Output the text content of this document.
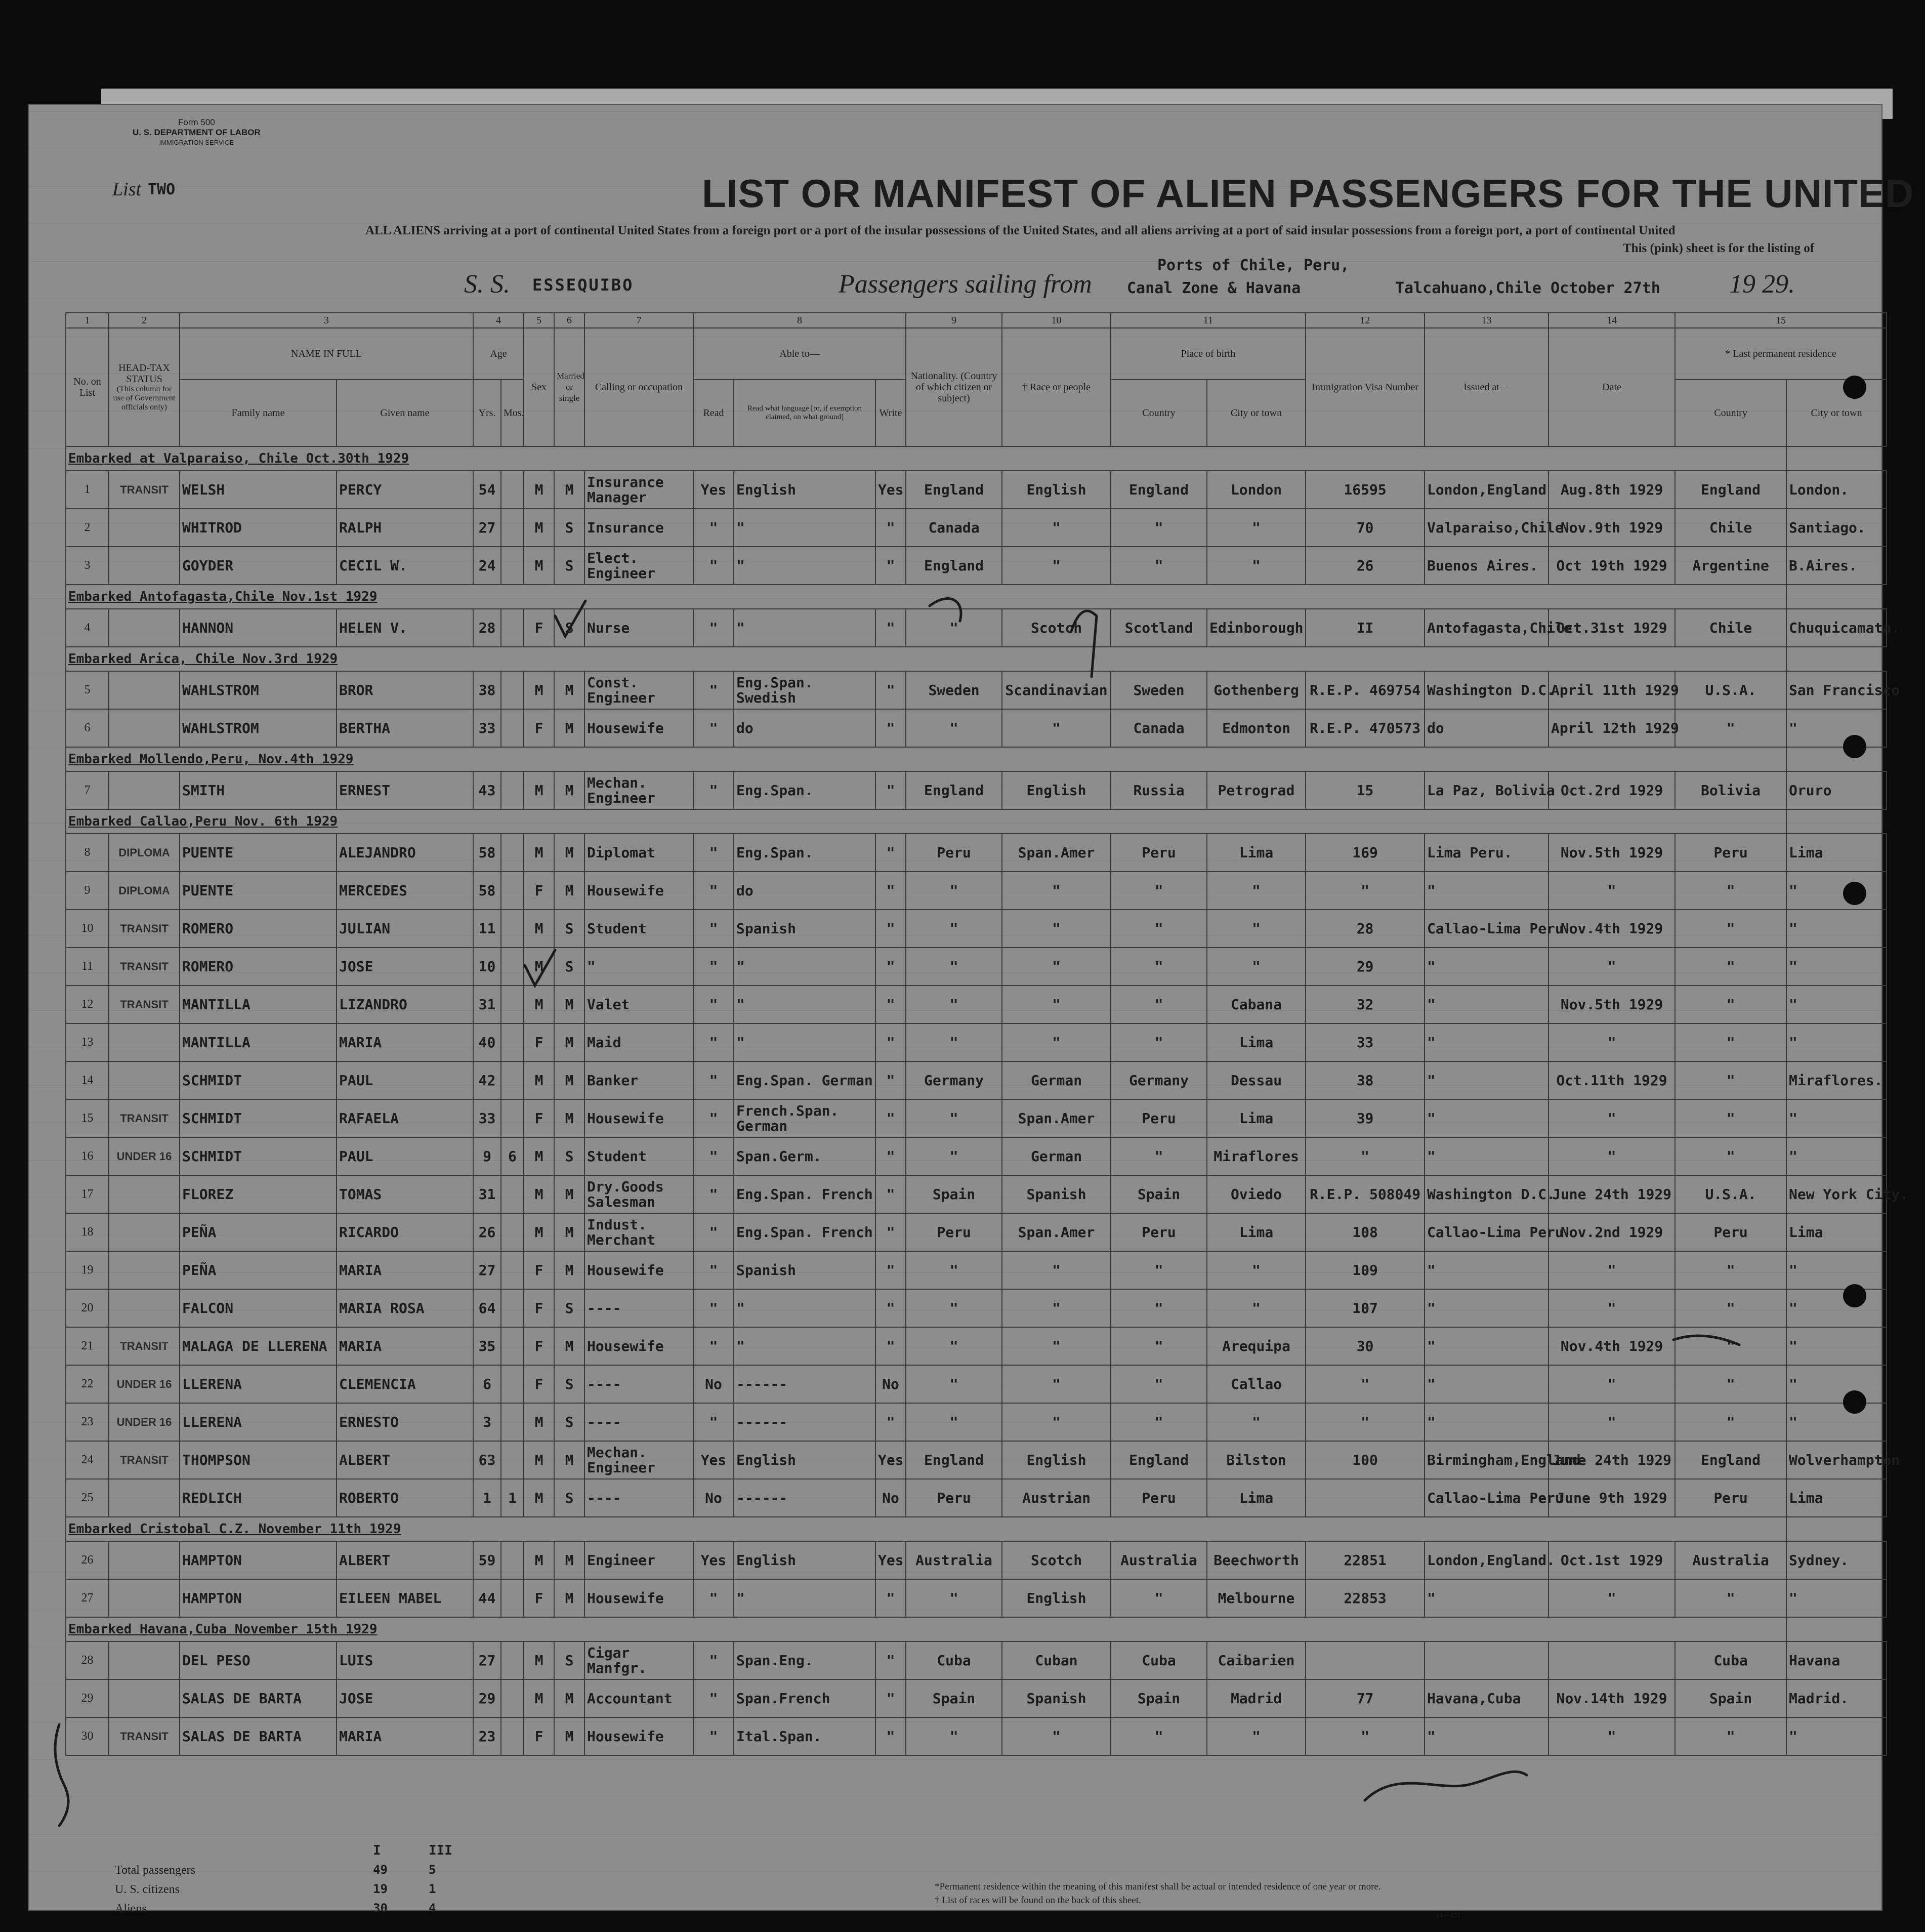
Form 500
U. S. DEPARTMENT OF LABOR
IMMIGRATION SERVICE
List TWO	LIST OR MANIFEST OF ALIEN PASSENGERS FOR THE UNITED
ALL ALIENS arriving at a port of continental United States from a foreign port or a port of the insular possessions of the United States, and all aliens arriving at a port of said insular possessions from a foreign port, a port of continental United
This (pink) sheet is for the listing of
S. S. ESSEQUIBO	Passengers sailing from
Ports of Chile, Peru,
Canal Zone & Havana	Talcahuano,Chile October 27th	19 29.
1	2	3		4		5	6	7	8			9	10	11		12	13	14	15	
No. on List	HEAD-TAX STATUS
(This column for use of Government officials only)	NAME IN FULL		Age		Sex	Married or single	Calling or occupation	Able to—			Nationality. (Country of which citizen or subject)	† Race or people	Place of birth		Immigration Visa Number	Issued at—	Date	* Last permanent residence	
		Family name	Given name	Yrs.	Mos.				Read	Read what language [or, if exemption claimed, on what ground]	Write			Country	City or town				Country	City or town
Embarked at Valparaiso, Chile Oct.30th 1929																				
1	TRANSIT	WELSH	PERCY	54		M	M	Insurance Manager	Yes	English	Yes	England	English	England	London	16595	London,England	Aug.8th 1929	England	London.
2		WHITROD	RALPH	27		M	S	Insurance	"	"	"	Canada	"	"	"	70	Valparaiso,Chile	Nov.9th 1929	Chile	Santiago.
3		GOYDER	CECIL W.	24		M	S	Elect. Engineer	"	"	"	England	"	"	"	26	Buenos Aires.	Oct 19th 1929	Argentine	B.Aires.
Embarked Antofagasta,Chile Nov.1st 1929																				
4		HANNON	HELEN V.	28		F	S	Nurse	"	"	"	"	Scotch	Scotland	Edinborough	II	Antofagasta,Chile	Oct.31st 1929	Chile	Chuquicamata.
Embarked Arica, Chile Nov.3rd 1929																				
5		WAHLSTROM	BROR	38		M	M	Const. Engineer	"	Eng.Span. Swedish	"	Sweden	Scandinavian	Sweden	Gothenberg	R.E.P. 469754	Washington D.C.	April 11th 1929	U.S.A.	San Francisco
6		WAHLSTROM	BERTHA	33		F	M	Housewife	"	do	"	"	"	Canada	Edmonton	R.E.P. 470573	do	April 12th 1929	"	"
Embarked Mollendo,Peru, Nov.4th 1929																				
7		SMITH	ERNEST	43		M	M	Mechan. Engineer	"	Eng.Span.	"	England	English	Russia	Petrograd	15	La Paz, Bolivia	Oct.2rd 1929	Bolivia	Oruro
Embarked Callao,Peru Nov. 6th 1929																				
8	DIPLOMA	PUENTE	ALEJANDRO	58		M	M	Diplomat	"	Eng.Span.	"	Peru	Span.Amer	Peru	Lima	169	Lima Peru.	Nov.5th 1929	Peru	Lima
9	DIPLOMA	PUENTE	MERCEDES	58		F	M	Housewife	"	do	"	"	"	"	"	"	"	"	"	"
10	TRANSIT	ROMERO	JULIAN	11		M	S	Student	"	Spanish	"	"	"	"	"	28	Callao-Lima Peru	Nov.4th 1929	"	"
11	TRANSIT	ROMERO	JOSE	10		M	S	"	"	"	"	"	"	"	"	29	"	"	"	"
12	TRANSIT	MANTILLA	LIZANDRO	31		M	M	Valet	"	"	"	"	"	"	Cabana	32	"	Nov.5th 1929	"	"
13		MANTILLA	MARIA	40		F	M	Maid	"	"	"	"	"	"	Lima	33	"	"	"	"
14		SCHMIDT	PAUL	42		M	M	Banker	"	Eng.Span. German	"	Germany	German	Germany	Dessau	38	"	Oct.11th 1929	"	Miraflores.
15	TRANSIT	SCHMIDT	RAFAELA	33		F	M	Housewife	"	French.Span. German	"	"	Span.Amer	Peru	Lima	39	"	"	"	"
16	UNDER 16	SCHMIDT	PAUL	9	6	M	S	Student	"	Span.Germ.	"	"	German	"	Miraflores	"	"	"	"	"
17		FLOREZ	TOMAS	31		M	M	Dry.Goods Salesman	"	Eng.Span. French	"	Spain	Spanish	Spain	Oviedo	R.E.P. 508049	Washington D.C.	June 24th 1929	U.S.A.	New York City.
18		PEÑA	RICARDO	26		M	M	Indust. Merchant	"	Eng.Span. French	"	Peru	Span.Amer	Peru	Lima	108	Callao-Lima Peru	Nov.2nd 1929	Peru	Lima
19		PEÑA	MARIA	27		F	M	Housewife	"	Spanish	"	"	"	"	"	109	"	"	"	"
20		FALCON	MARIA ROSA	64		F	S	----	"	"	"	"	"	"	"	107	"	"	"	"
21	TRANSIT	MALAGA DE LLERENA	MARIA	35		F	M	Housewife	"	"	"	"	"	"	Arequipa	30	"	Nov.4th 1929	"	"
22	UNDER 16	LLERENA	CLEMENCIA	6		F	S	----	No	------	No	"	"	"	Callao	"	"	"	"	"
23	UNDER 16	LLERENA	ERNESTO	3		M	S	----	"	------	"	"	"	"	"	"	"	"	"	"
24	TRANSIT	THOMPSON	ALBERT	63		M	M	Mechan. Engineer	Yes	English	Yes	England	English	England	Bilston	100	Birmingham,England	June 24th 1929	England	Wolverhampton
25		REDLICH	ROBERTO	1	1	M	S	----	No	------	No	Peru	Austrian	Peru	Lima		Callao-Lima Peru	June 9th 1929	Peru	Lima
Embarked Cristobal C.Z. November 11th 1929																				
26		HAMPTON	ALBERT	59		M	M	Engineer	Yes	English	Yes	Australia	Scotch	Australia	Beechworth	22851	London,England.	Oct.1st 1929	Australia	Sydney.
27		HAMPTON	EILEEN MABEL	44		F	M	Housewife	"	"	"	"	English	"	Melbourne	22853	"	"	"	"
Embarked Havana,Cuba November 15th 1929																				
28		DEL PESO	LUIS	27		M	S	Cigar Manfgr.	"	Span.Eng.	"	Cuba	Cuban	Cuba	Caibarien				Cuba	Havana
29		SALAS DE BARTA	JOSE	29		M	M	Accountant	"	Span.French	"	Spain	Spanish	Spain	Madrid	77	Havana,Cuba	Nov.14th 1929	Spain	Madrid.
30	TRANSIT	SALAS DE BARTA	MARIA	23		F	M	Housewife	"	Ital.Span.	"	"	"	"	"	"	"	"	"	"
I	III
Total passengers	49	5
U. S. citizens	19	1
Aliens	30	4
*Permanent residence within the meaning of this manifest shall be actual or intended residence of one year or more.
† List of races will be found on the back of this sheet.
14—431
